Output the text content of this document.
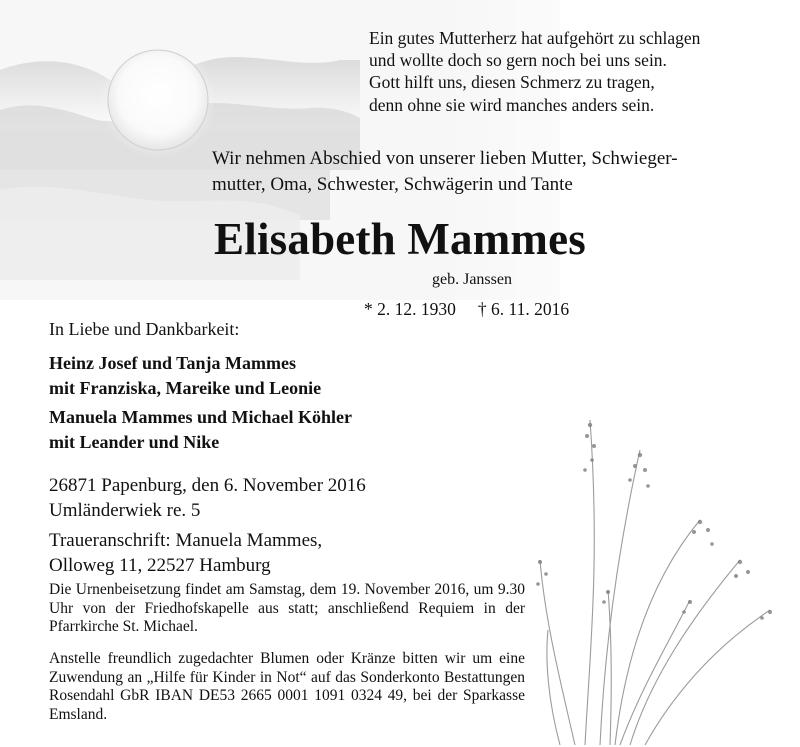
Ein gutes Mutterherz hat aufgehört zu schlagen
und wollte doch so gern noch bei uns sein.
Gott hilft uns, diesen Schmerz zu tragen,
denn ohne sie wird manches anders sein.
Wir nehmen Abschied von unserer lieben Mutter, Schwieger-
mutter, Oma, Schwester, Schwägerin und Tante
Elisabeth Mammes
geb. Janssen
* 2. 12. 1930 † 6. 11. 2016
In Liebe und Dankbarkeit:
Heinz Josef und Tanja Mammes
mit Franziska, Mareike und Leonie
Manuela Mammes und Michael Köhler
mit Leander und Nike
26871 Papenburg, den 6. November 2016
Umländerwiek re. 5
Traueranschrift: Manuela Mammes,
Olloweg 11, 22527 Hamburg
Die Urnenbeisetzung findet am Samstag, dem 19. November 2016, um 9.30 Uhr von der Friedhofskapelle aus statt; anschließend Requiem in der Pfarrkirche St. Michael.
Anstelle freundlich zugedachter Blumen oder Kränze bitten wir um eine Zuwendung an „Hilfe für Kinder in Not“ auf das Sonderkonto Bestattungen Rosendahl GbR IBAN DE53 2665 0001 1091 0324 49, bei der Sparkasse Emsland.
